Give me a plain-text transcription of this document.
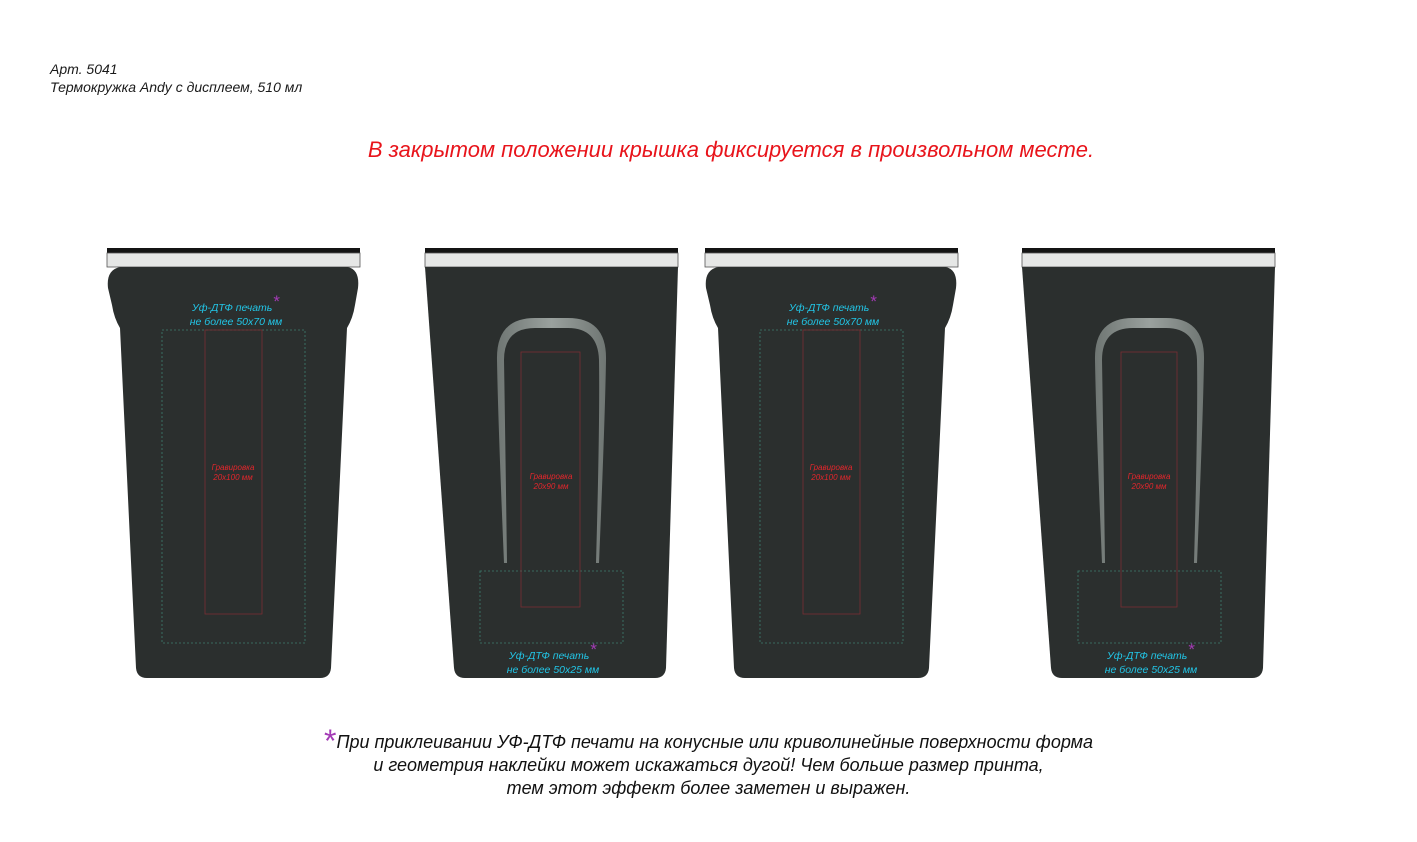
Арт. 5041
Термокружка Andy с дисплеем, 510 мл
В закрытом положении крышка фиксируется в произвольном месте.
Уф-ДТФ печать*
не более 50х70 мм
Гравировка
20х100 мм
Уф-ДТФ печать*
не более 50х25 мм
Гравировка
20х90 мм
Уф-ДТФ печать*
не более 50х70 мм
Гравировка
20х100 мм
Уф-ДТФ печать*
не более 50х25 мм
Гравировка
20х90 мм
*При приклеивании УФ-ДТФ печати на конусные или криволинейные поверхности форма
и геометрия наклейки может искажаться дугой! Чем больше размер принта,
тем этот эффект более заметен и выражен.
